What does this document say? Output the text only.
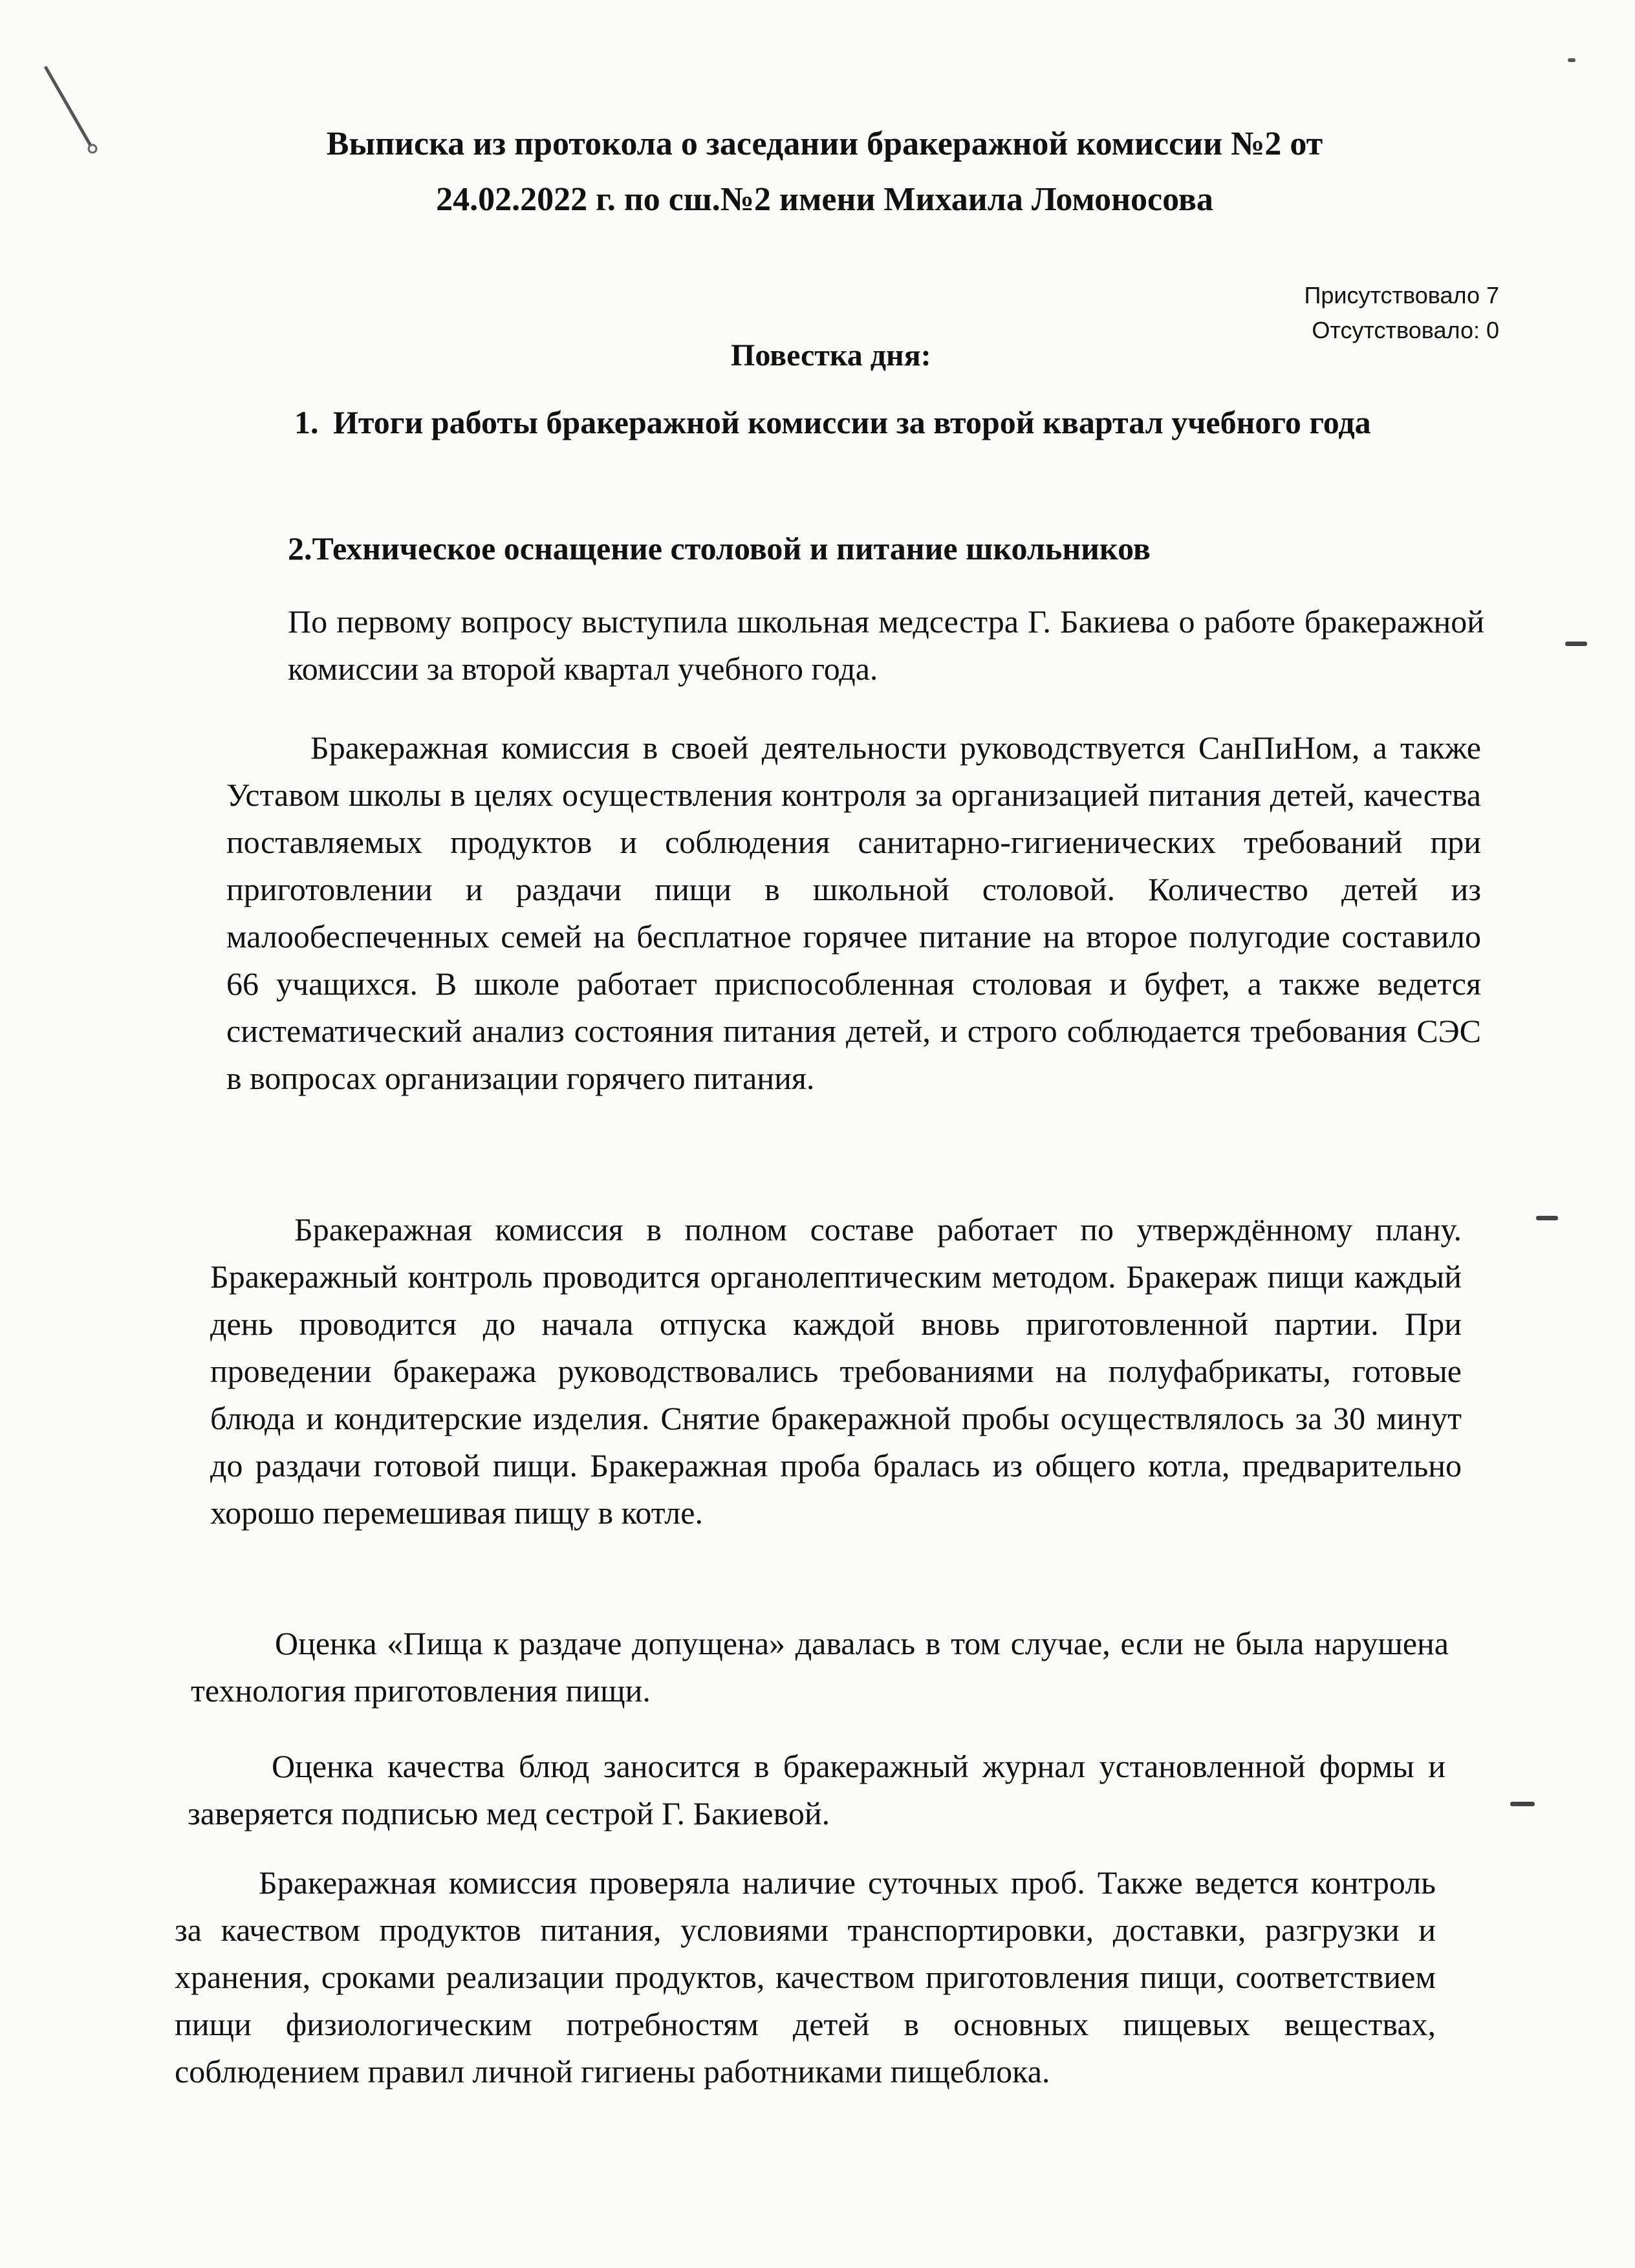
Выписка из протокола о заседании бракеражной комиссии №2 от
24.02.2022 г. по сш.№2 имени Михаила Ломоносова
Присутствовало 7
Отсутствовало: 0
Повестка дня:
1. Итоги работы бракеражной комиссии за второй квартал учебного года
2.Техническое оснащение столовой и питание школьников

По первому вопросу выступила школьная медсестра Г. Бакиева о работе бракеражной комиссии за второй квартал учебного года.

Бракеражная комиссия в своей деятельности руководствуется СанПиНом, а также Уставом школы в целях осуществления контроля за организацией питания детей, качества поставляемых продуктов и соблюдения санитарно-гигиенических требований при приготовлении и раздачи пищи в школьной столовой. Количество детей из малообеспеченных семей на бесплатное горячее питание на второе полугодие составило 66 учащихся. В школе работает приспособленная столовая и буфет, а также ведется систематический анализ состояния питания детей, и строго соблюдается требования СЭС в вопросах организации горячего питания.

Бракеражная комиссия в полном составе работает по утверждённому плану. Бракеражный контроль проводится органолептическим методом. Бракераж пищи каждый день проводится до начала отпуска каждой вновь приготовленной партии. При проведении бракеража руководствовались требованиями на полуфабрикаты, готовые блюда и кондитерские изделия. Снятие бракеражной пробы осуществлялось за 30 минут до раздачи готовой пищи. Бракеражная проба бралась из общего котла, предварительно хорошо перемешивая пищу в котле.

Оценка «Пища к раздаче допущена» давалась в том случае, если не была нарушена технология приготовления пищи.

Оценка качества блюд заносится в бракеражный журнал установленной формы и заверяется подписью мед сестрой Г. Бакиевой.

Бракеражная комиссия проверяла наличие суточных проб. Также ведется контроль за качеством продуктов питания, условиями транспортировки, доставки, разгрузки и хранения, сроками реализации продуктов, качеством приготовления пищи, соответствием пищи физиологическим потребностям детей в основных пищевых веществах, соблюдением правил личной гигиены работниками пищеблока.
